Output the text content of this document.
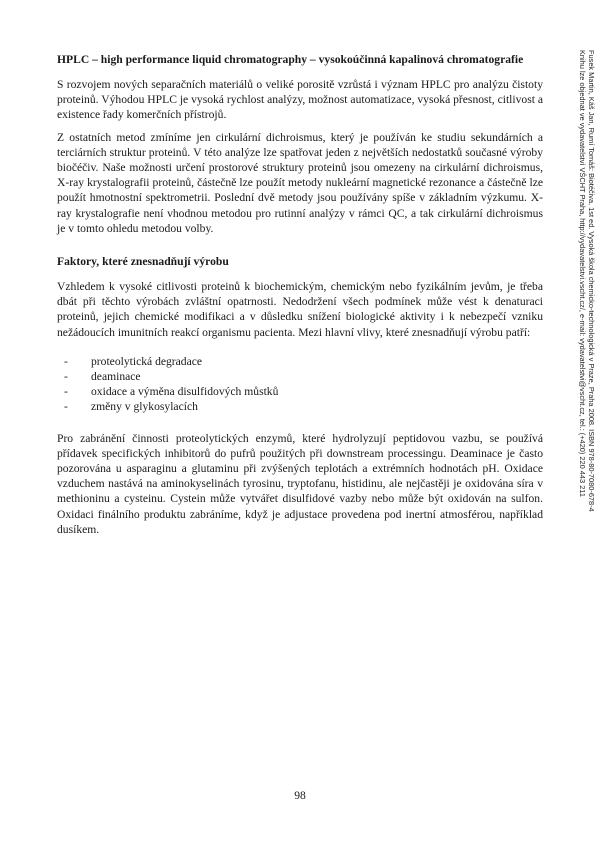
HPLC – high performance liquid chromatography – vysokoúčinná kapalinová chromatografie

S rozvojem nových separačních materiálů o veliké porositě vzrůstá i význam HPLC pro analýzu čistoty proteinů. Výhodou HPLC je vysoká rychlost analýzy, možnost automatizace, vysoká přesnost, citlivost a existence řady komerčních přístrojů.

Z ostatních metod zmíníme jen cirkulární dichroismus, který je používán ke studiu sekundárních a terciárních struktur proteinů. V této analýze lze spatřovat jeden z největších nedostatků současné výroby biočéčiv. Naše možnosti určení prostorové struktury proteinů jsou omezeny na cirkulární dichroismus, X-ray krystalografii proteinů, částečně lze použít metody nukleární magnetické rezonance a částečně lze použít hmotnostní spektrometrii. Poslední dvě metody jsou používány spíše v základním výzkumu. X-ray krystalografie není vhodnou metodou pro rutinní analýzy v rámci QC, a tak cirkulární dichroismus je v tomto ohledu metodou volby.

Faktory, které znesnadňují výrobu

Vzhledem k vysoké citlivosti proteinů k biochemickým, chemickým nebo fyzikálním jevům, je třeba dbát při těchto výrobách zvláštní opatrnosti. Nedodržení všech podmínek může vést k denaturaci proteinů, jejich chemické modifikaci a v důsledku snížení biologické aktivity i k nebezpečí vzniku nežádoucích imunitních reakcí organismu pacienta. Mezi hlavní vlivy, které znesnadňují výrobu patří:

- proteolytická degradace
- deaminace
- oxidace a výměna disulfidových můstků
- změny v glykosylacích

Pro zabránění činnosti proteolytických enzymů, které hydrolyzují peptidovou vazbu, se používá přídavek specifických inhibitorů do pufrů použitých při downstream processingu. Deaminace je často pozorována u asparaginu a glutaminu při zvýšených teplotách a extrémních hodnotách pH. Oxidace vzduchem nastává na aminokyselinách tyrosinu, tryptofanu, histidinu, ale nejčastěji je oxidována síra v methioninu a cysteinu. Cystein může vytvářet disulfidové vazby nebo může být oxidován na sulfon. Oxidaci finálního produktu zabráníme, když je adjustace provedena pod inertní atmosférou, například dusíkem.

Fusek Martin, Káš Jan, Rumí Tomáš: Biotéčiva. 1st ed. Vysoká škola chemicko-technologická v Praze, Praha 2008. ISBN 978-80-7080-678-4
Knihu lze objednat ve vydavatelství VŠCHT Praha, http://vydavatelstvi.vscht.cz/, e-mail: vydavatelstvi@vscht.cz, tel.: (+420) 220 443 211
98
